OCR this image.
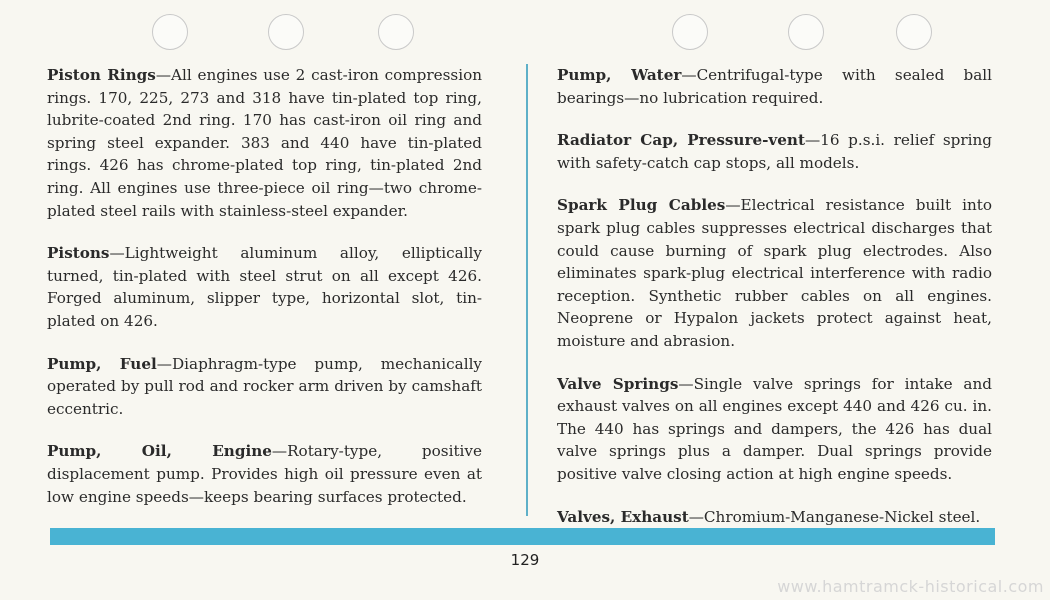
Piston Rings—All engines use 2 cast-iron compression rings. 170, 225, 273 and 318 have tin-plated top ring, lubrite-coated 2nd ring. 170 has cast-iron oil ring and spring steel expander. 383 and 440 have tin-plated rings. 426 has chrome-plated top ring, tin-plated 2nd ring. All engines use three-piece oil ring—two chrome-plated steel rails with stainless-steel expander.

Pistons—Lightweight aluminum alloy, elliptically turned, tin-plated with steel strut on all except 426. Forged aluminum, slipper type, horizontal slot, tin-plated on 426.

Pump, Fuel—Diaphragm-type pump, mechanically operated by pull rod and rocker arm driven by camshaft eccentric.

Pump, Oil, Engine—Rotary-type, positive displacement pump. Provides high oil pressure even at low engine speeds—keeps bearing surfaces protected.

Pump, Water—Centrifugal-type with sealed ball bearings—no lubrication required.

Radiator Cap, Pressure-vent—16 p.s.i. relief spring with safety-catch cap stops, all models.

Spark Plug Cables—Electrical resistance built into spark plug cables suppresses electrical discharges that could cause burning of spark plug electrodes. Also eliminates spark-plug electrical interference with radio reception. Synthetic rubber cables on all engines. Neoprene or Hypalon jackets protect against heat, moisture and abrasion.

Valve Springs—Single valve springs for intake and exhaust valves on all engines except 440 and 426 cu. in. The 440 has springs and dampers, the 426 has dual valve springs plus a damper. Dual springs provide positive valve closing action at high engine speeds.

Valves, Exhaust—Chromium-Manganese-Nickel steel.

129
www.hamtramck-historical.com
